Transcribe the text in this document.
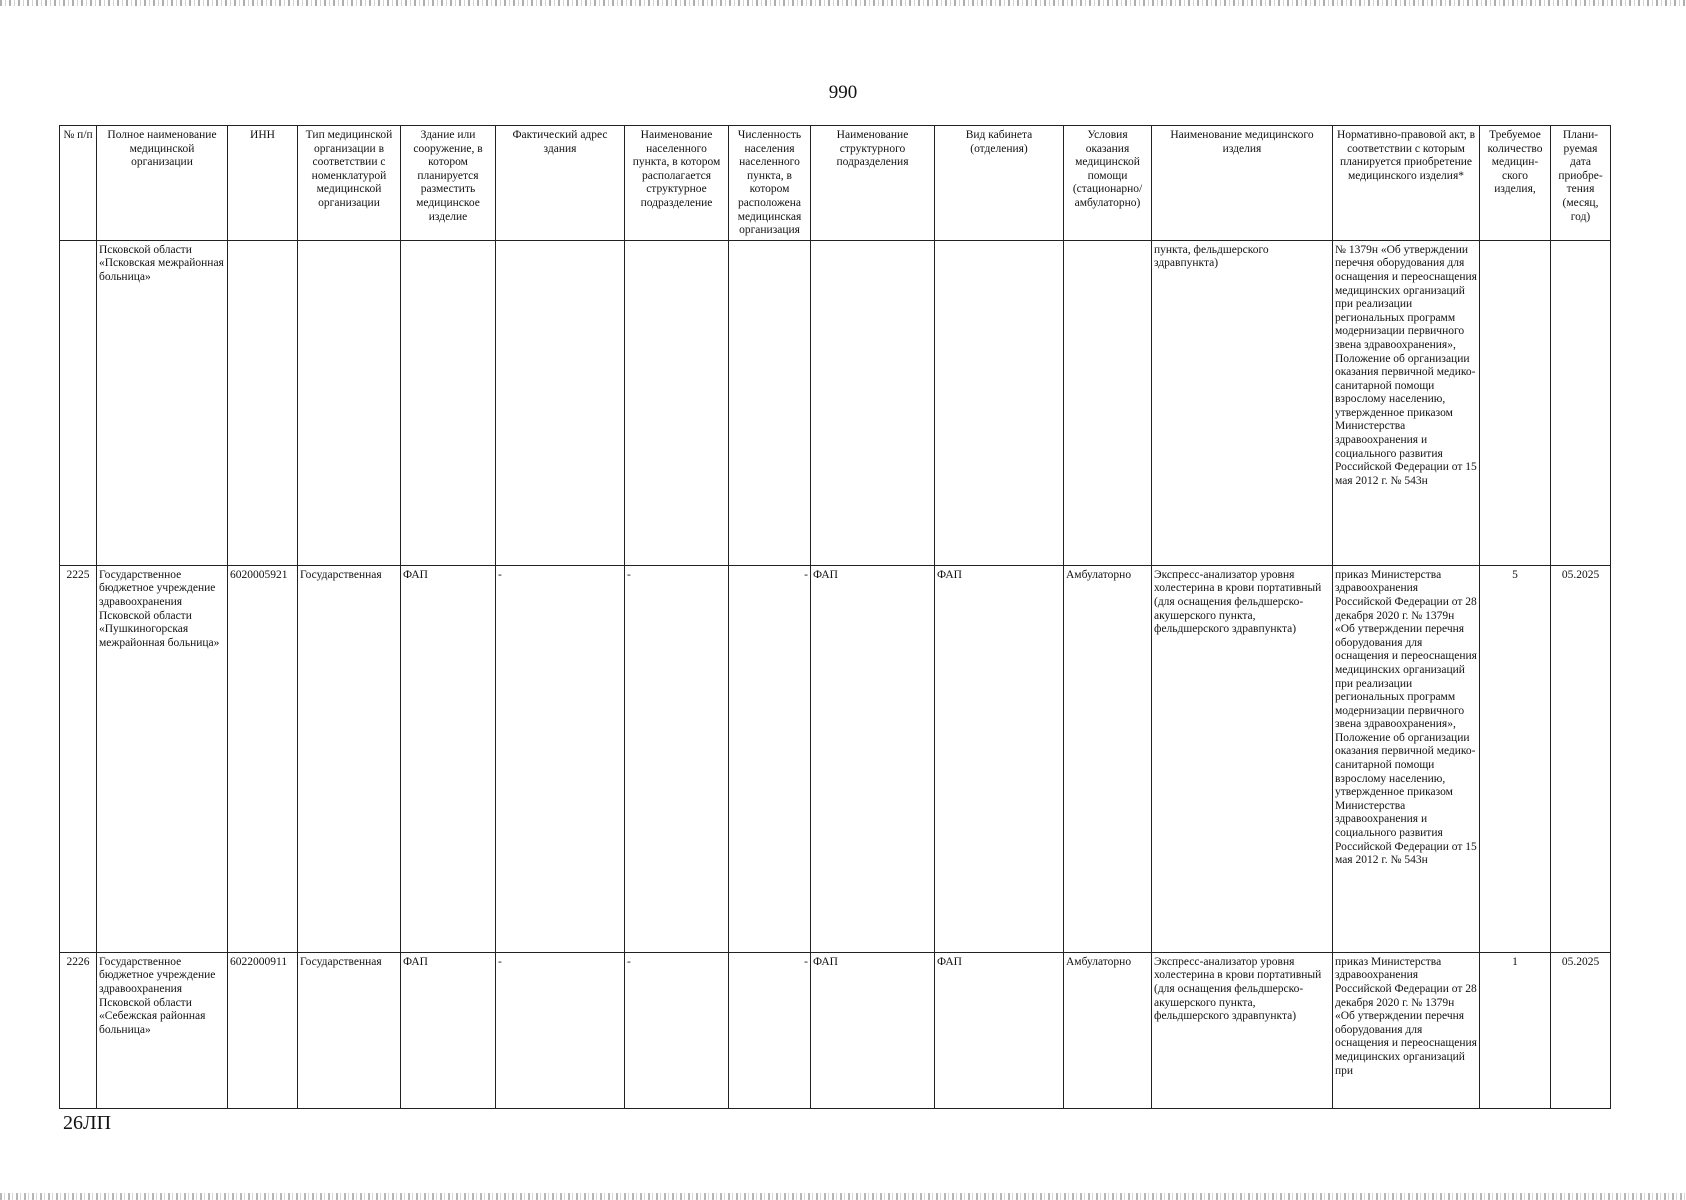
990
№ п/п	Полное наименование медицинской организации	ИНН	Тип медицинской организации в соответствии с номенклатурой медицинской организации	Здание или сооружение, в котором планируется разместить медицинское изделие	Фактический адрес здания	Наименование населенного пункта, в котором располагается структурное подразделение	Численность населения населенного пункта, в котором расположена медицинская организация	Наименование структурного подразделения	Вид кабинета (отделения)	Условия оказания медицинской помощи (стационарно/ амбулаторно)	Наименование медицинского изделия	Нормативно-правовой акт, в соответствии с которым планируется приобретение медицинского изделия*	Требуемое количество медицин-ского изделия,	Плани-руемая дата приобре-тения (месяц, год)
	Псковской области «Псковская межрайонная больница»										пункта, фельдшерского здравпункта)	№ 1379н «Об утверждении перечня оборудования для оснащения и переоснащения медицинских организаций при реализации региональных программ модернизации первичного звена здравоохранения», Положение об организации оказания первичной медико-санитарной помощи взрослому населению, утвержденное приказом Министерства здравоохранения и социального развития Российской Федерации от 15 мая 2012 г. № 543н		
2225	Государственное бюджетное учреждение здравоохранения Псковской области «Пушкиногорская межрайонная больница»	6020005921	Государственная	ФАП	-	-	-	ФАП	ФАП	Амбулаторно	Экспресс-анализатор уровня холестерина в крови портативный (для оснащения фельдшерско-акушерского пункта, фельдшерского здравпункта)	приказ Министерства здравоохранения Российской Федерации от 28 декабря 2020 г. № 1379н «Об утверждении перечня оборудования для оснащения и переоснащения медицинских организаций при реализации региональных программ модернизации первичного звена здравоохранения», Положение об организации оказания первичной медико-санитарной помощи взрослому населению, утвержденное приказом Министерства здравоохранения и социального развития Российской Федерации от 15 мая 2012 г. № 543н	5	05.2025
2226	Государственное бюджетное учреждение здравоохранения Псковской области «Себежская районная больница»	6022000911	Государственная	ФАП	-	-	-	ФАП	ФАП	Амбулаторно	Экспресс-анализатор уровня холестерина в крови портативный (для оснащения фельдшерско-акушерского пункта, фельдшерского здравпункта)	приказ Министерства здравоохранения Российской Федерации от 28 декабря 2020 г. № 1379н «Об утверждении перечня оборудования для оснащения и переоснащения медицинских организаций при	1	05.2025
26ЛП
